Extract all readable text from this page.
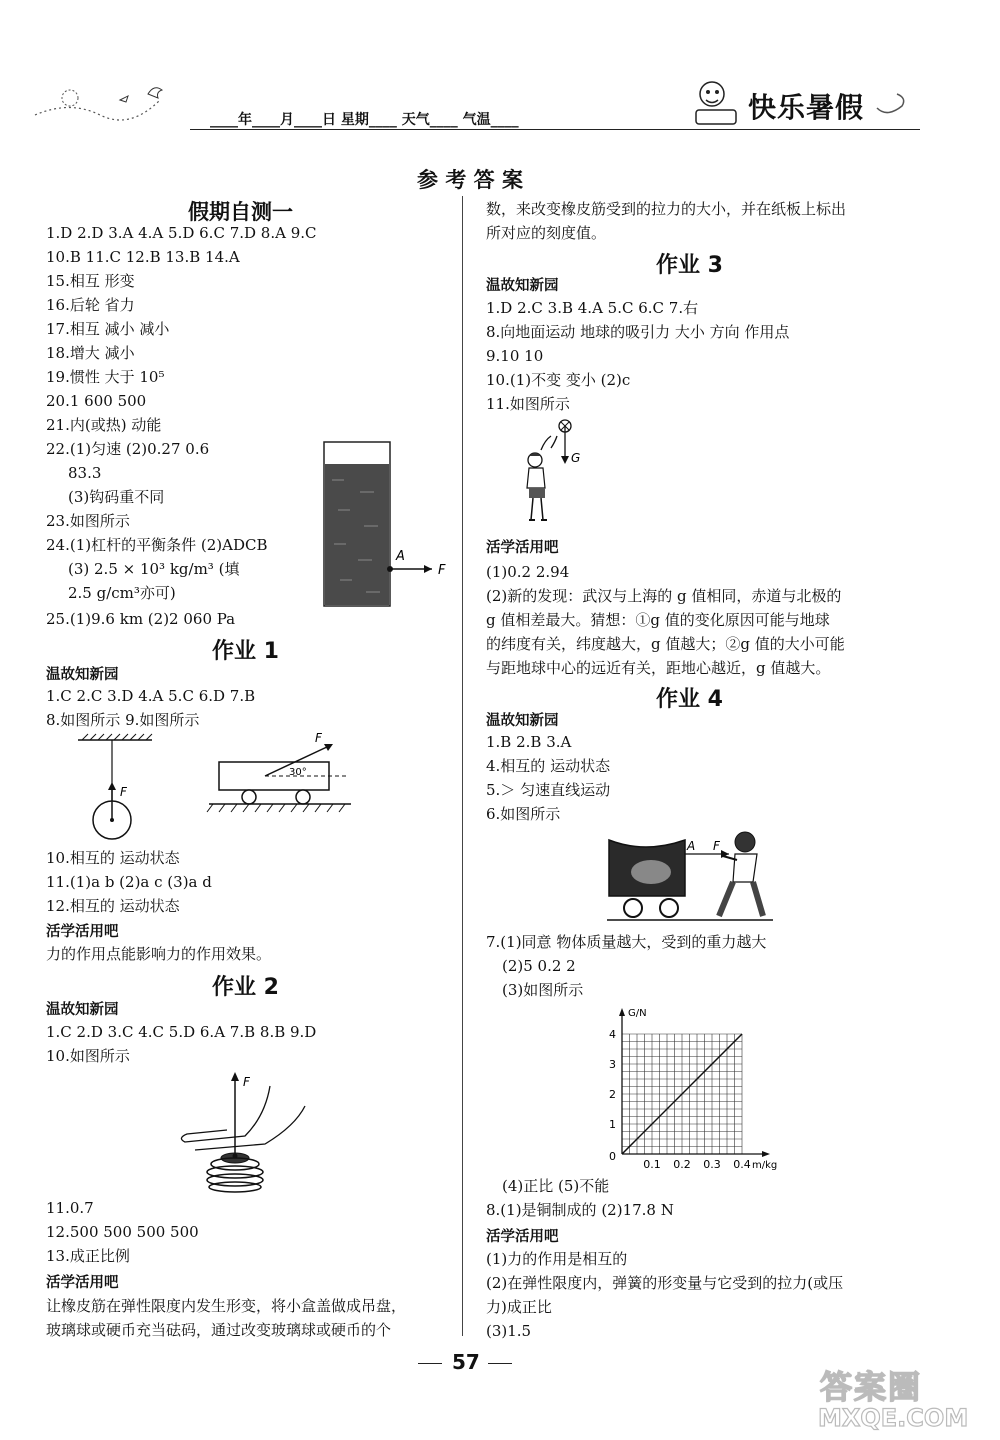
____年____月____日 星期____ 天气____ 气温____	快乐暑假
参 考 答 案
假期自测一
1.D 2.D 3.A 4.A 5.D 6.C 7.D 8.A 9.C
10.B 11.C 12.B 13.B 14.A
15.相互 形变
16.后轮 省力
17.相互 减小 减小
18.增大 减小
19.惯性 大于 10⁵
20.1 600 500
21.内(或热) 动能
22.(1)匀速 (2)0.27 0.6
83.3
(3)钩码重不同
23.如图所示
24.(1)杠杆的平衡条件 (2)ADCB
(3) 2.5 × 10³ kg/m³ (填
2.5 g/cm³亦可)
25.(1)9.6 km (2)2 060 Pa
A
F
作业 1
温故知新园
1.C 2.C 3.D 4.A 5.C 6.D 7.B
8.如图所示 9.如图所示
F
F
30°
10.相互的 运动状态
11.(1)a b (2)a c (3)a d
12.相互的 运动状态
活学活用吧
力的作用点能影响力的作用效果。
作业 2
温故知新园
1.C 2.D 3.C 4.C 5.D 6.A 7.B 8.B 9.D
10.如图所示
F
11.0.7
12.500 500 500 500
13.成正比例
活学活用吧
让橡皮筋在弹性限度内发生形变，将小盒盖做成吊盘，
玻璃球或硬币充当砝码，通过改变玻璃球或硬币的个
数，来改变橡皮筋受到的拉力的大小，并在纸板上标出
所对应的刻度值。
作业 3
温故知新园
1.D 2.C 3.B 4.A 5.C 6.C 7.右
8.向地面运动 地球的吸引力 大小 方向 作用点
9.10 10
10.(1)不变 变小 (2)c
11.如图所示
G
活学活用吧
(1)0.2 2.94
(2)新的发现：武汉与上海的 g 值相同，赤道与北极的
g 值相差最大。猜想：①g 值的变化原因可能与地球
的纬度有关，纬度越大，g 值越大；②g 值的大小可能
与距地球中心的远近有关，距地心越近，g 值越大。
作业 4
温故知新园
1.B 2.B 3.A
4.相互的 运动状态
5.＞ 匀速直线运动
6.如图所示
A F
7.(1)同意 物体质量越大，受到的重力越大
(2)5 0.2 2
(3)如图所示
0.1 0.2 0.3 0.4
1
2
3
4
0
m/kg
G/N
(4)正比 (5)不能
8.(1)是铜制成的 (2)17.8 N
活学活用吧
(1)力的作用是相互的
(2)在弹性限度内，弹簧的形变量与它受到的拉力(或压
力)成正比
(3)1.5
57
答案圈
MXQE.COM
